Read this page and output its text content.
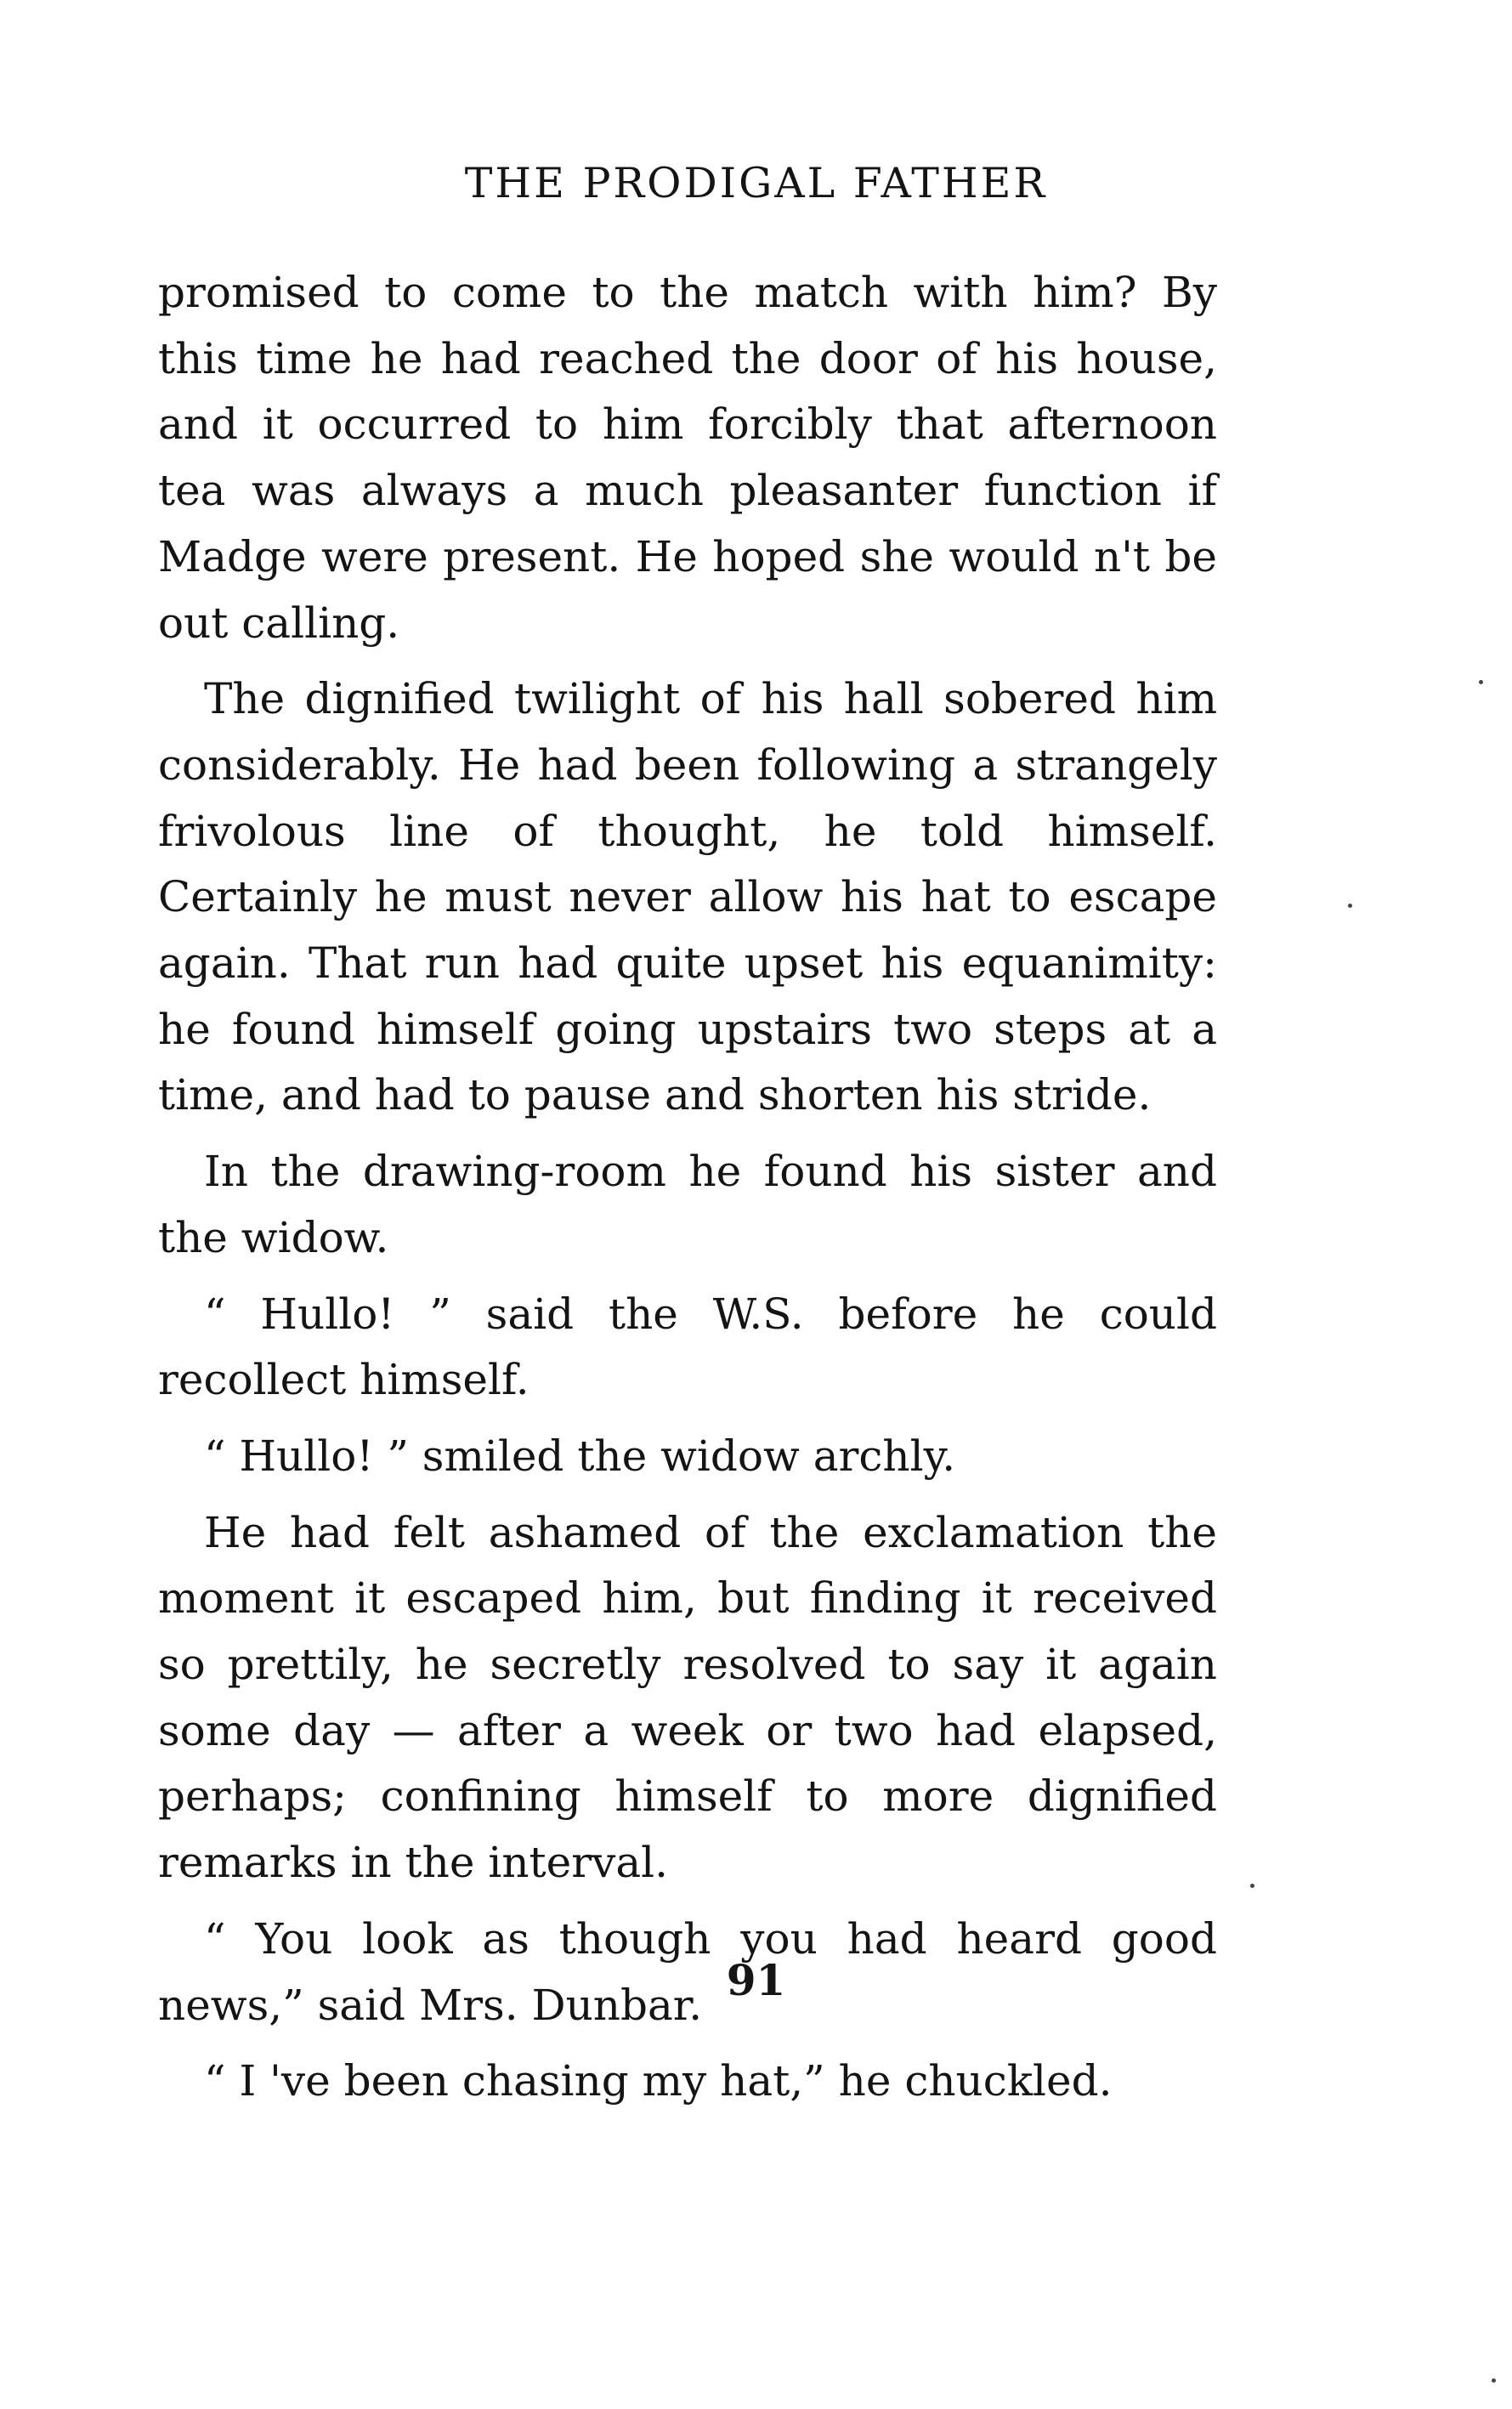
THE PRODIGAL FATHER

promised to come to the match with him? By this time he had reached the door of his house, and it occurred to him forcibly that afternoon tea was always a much pleasanter function if Madge were present. He hoped she would n't be out calling.

The dignified twilight of his hall sobered him considerably. He had been following a strangely frivolous line of thought, he told himself. Certainly he must never allow his hat to escape again. That run had quite upset his equanimity: he found himself going upstairs two steps at a time, and had to pause and shorten his stride.

In the drawing-room he found his sister and the widow.

“ Hullo! ” said the W.S. before he could recollect himself.

“ Hullo! ” smiled the widow archly.

He had felt ashamed of the exclamation the moment it escaped him, but finding it received so prettily, he secretly resolved to say it again some day — after a week or two had elapsed, perhaps; confining himself to more dignified remarks in the interval.

“ You look as though you had heard good news,” said Mrs. Dunbar.

“ I 've been chasing my hat,” he chuckled.

91
